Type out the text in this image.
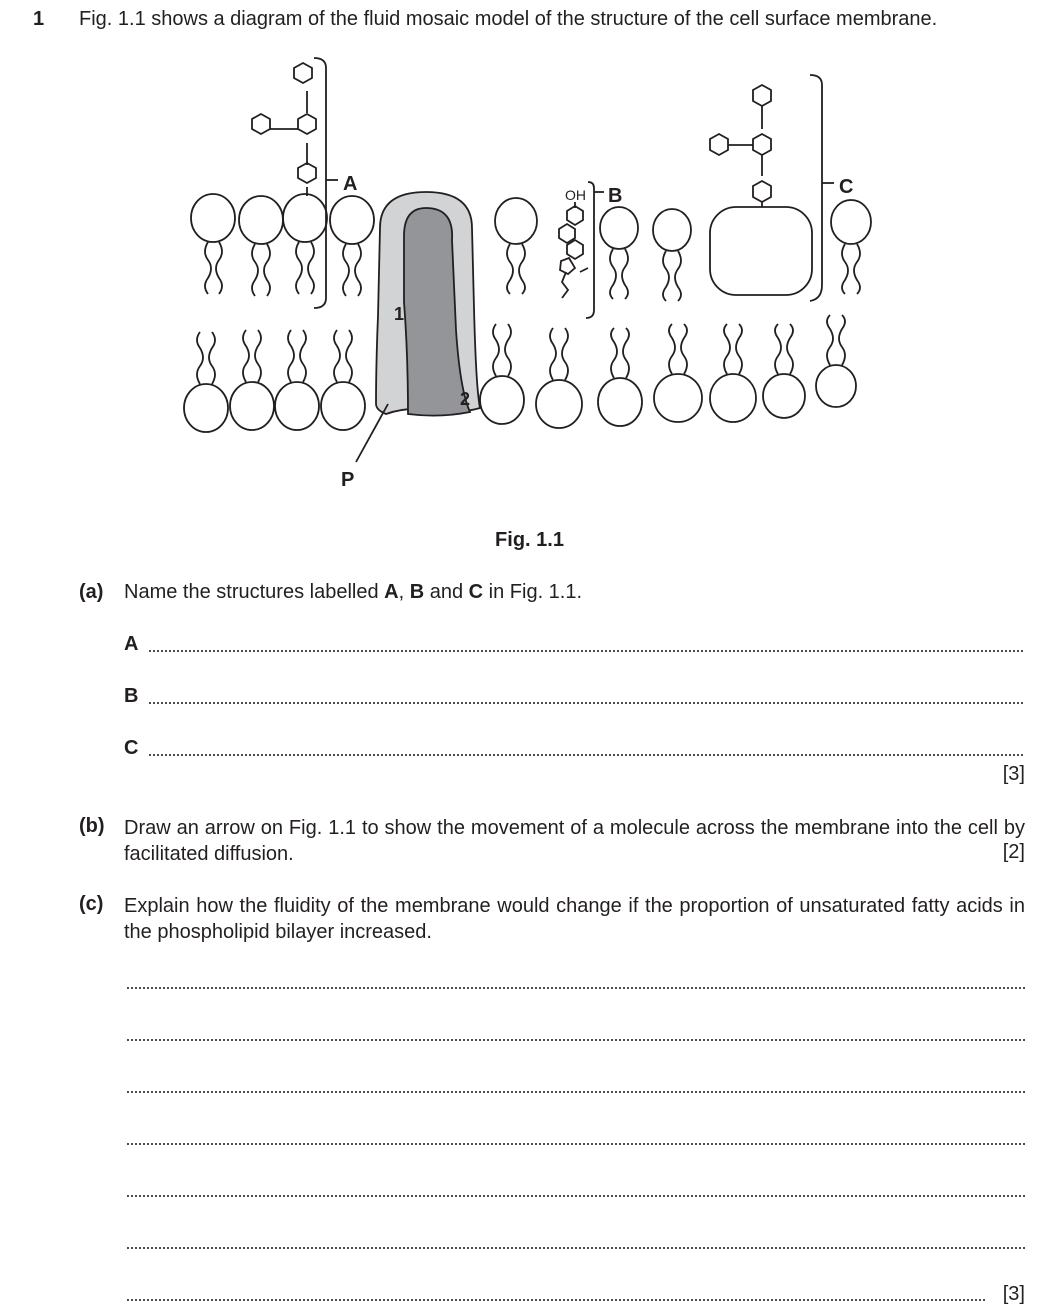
1 Fig. 1.1 shows a diagram of the fluid mosaic model of the structure of the cell surface membrane.
A	OH B	C
1
2
P
Fig. 1.1
(a) Name the structures labelled A, B and C in Fig. 1.1.
A
B
C
[3]
(b) Draw an arrow on Fig. 1.1 to show the movement of a molecule across the membrane into the cell by facilitated diffusion.	[2]
(c) Explain how the fluidity of the membrane would change if the proportion of unsaturated fatty acids in the phospholipid bilayer increased.
[3]
